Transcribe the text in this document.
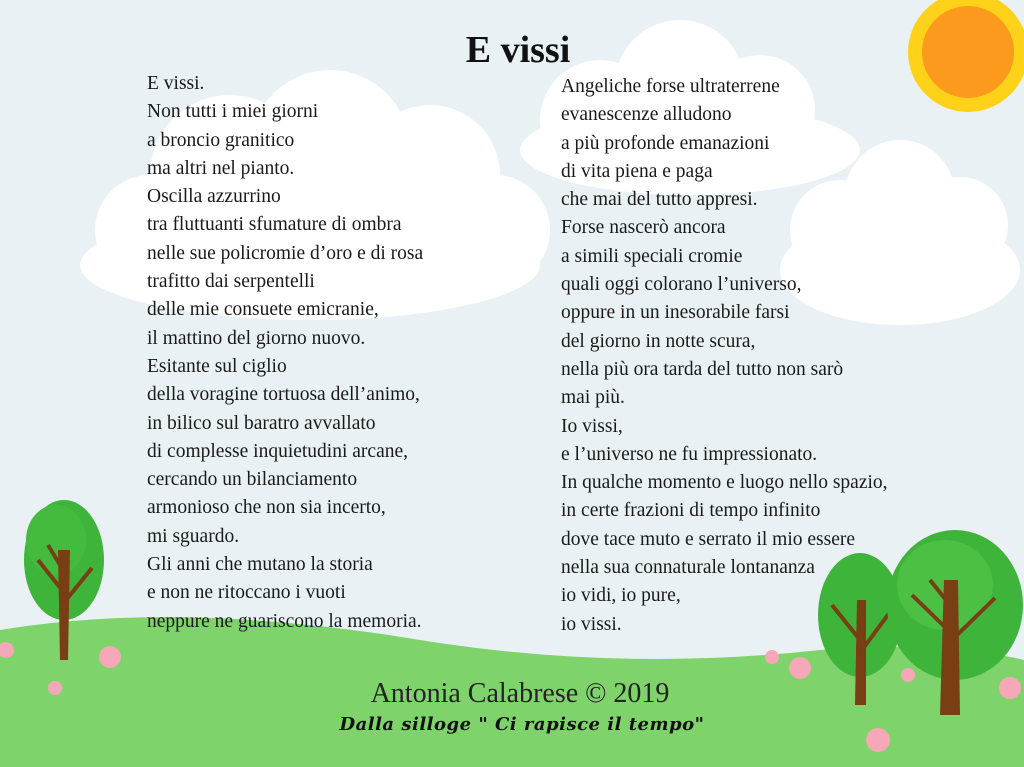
E vissi
E vissi.
Non tutti i miei giorni
a broncio granitico
ma altri nel pianto.
Oscilla azzurrino
tra fluttuanti sfumature di ombra
nelle sue policromie d’oro e di rosa
trafitto dai serpentelli
delle mie consuete emicranie,
il mattino del giorno nuovo.
Esitante sul ciglio
della voragine tortuosa dell’animo,
in bilico sul baratro avvallato
di complesse inquietudini arcane,
cercando un bilanciamento
armonioso che non sia incerto,
mi sguardo.
Gli anni che mutano la storia
e non ne ritoccano i vuoti
neppure ne guariscono la memoria.
Angeliche forse ultraterrene
evanescenze alludono
a più profonde emanazioni
di vita piena e paga
che mai del tutto appresi.
Forse nascerò ancora
a simili speciali cromie
quali oggi colorano l’universo,
oppure in un inesorabile farsi
del giorno in notte scura,
nella più ora tarda del tutto non sarò
mai più.
Io vissi,
e l’universo ne fu impressionato.
In qualche momento e luogo nello spazio,
in certe frazioni di tempo infinito
dove tace muto e serrato il mio essere
nella sua connaturale lontananza
io vidi, io pure,
io vissi.
Antonia Calabrese © 2019
Dalla silloge " Ci rapisce il tempo"
